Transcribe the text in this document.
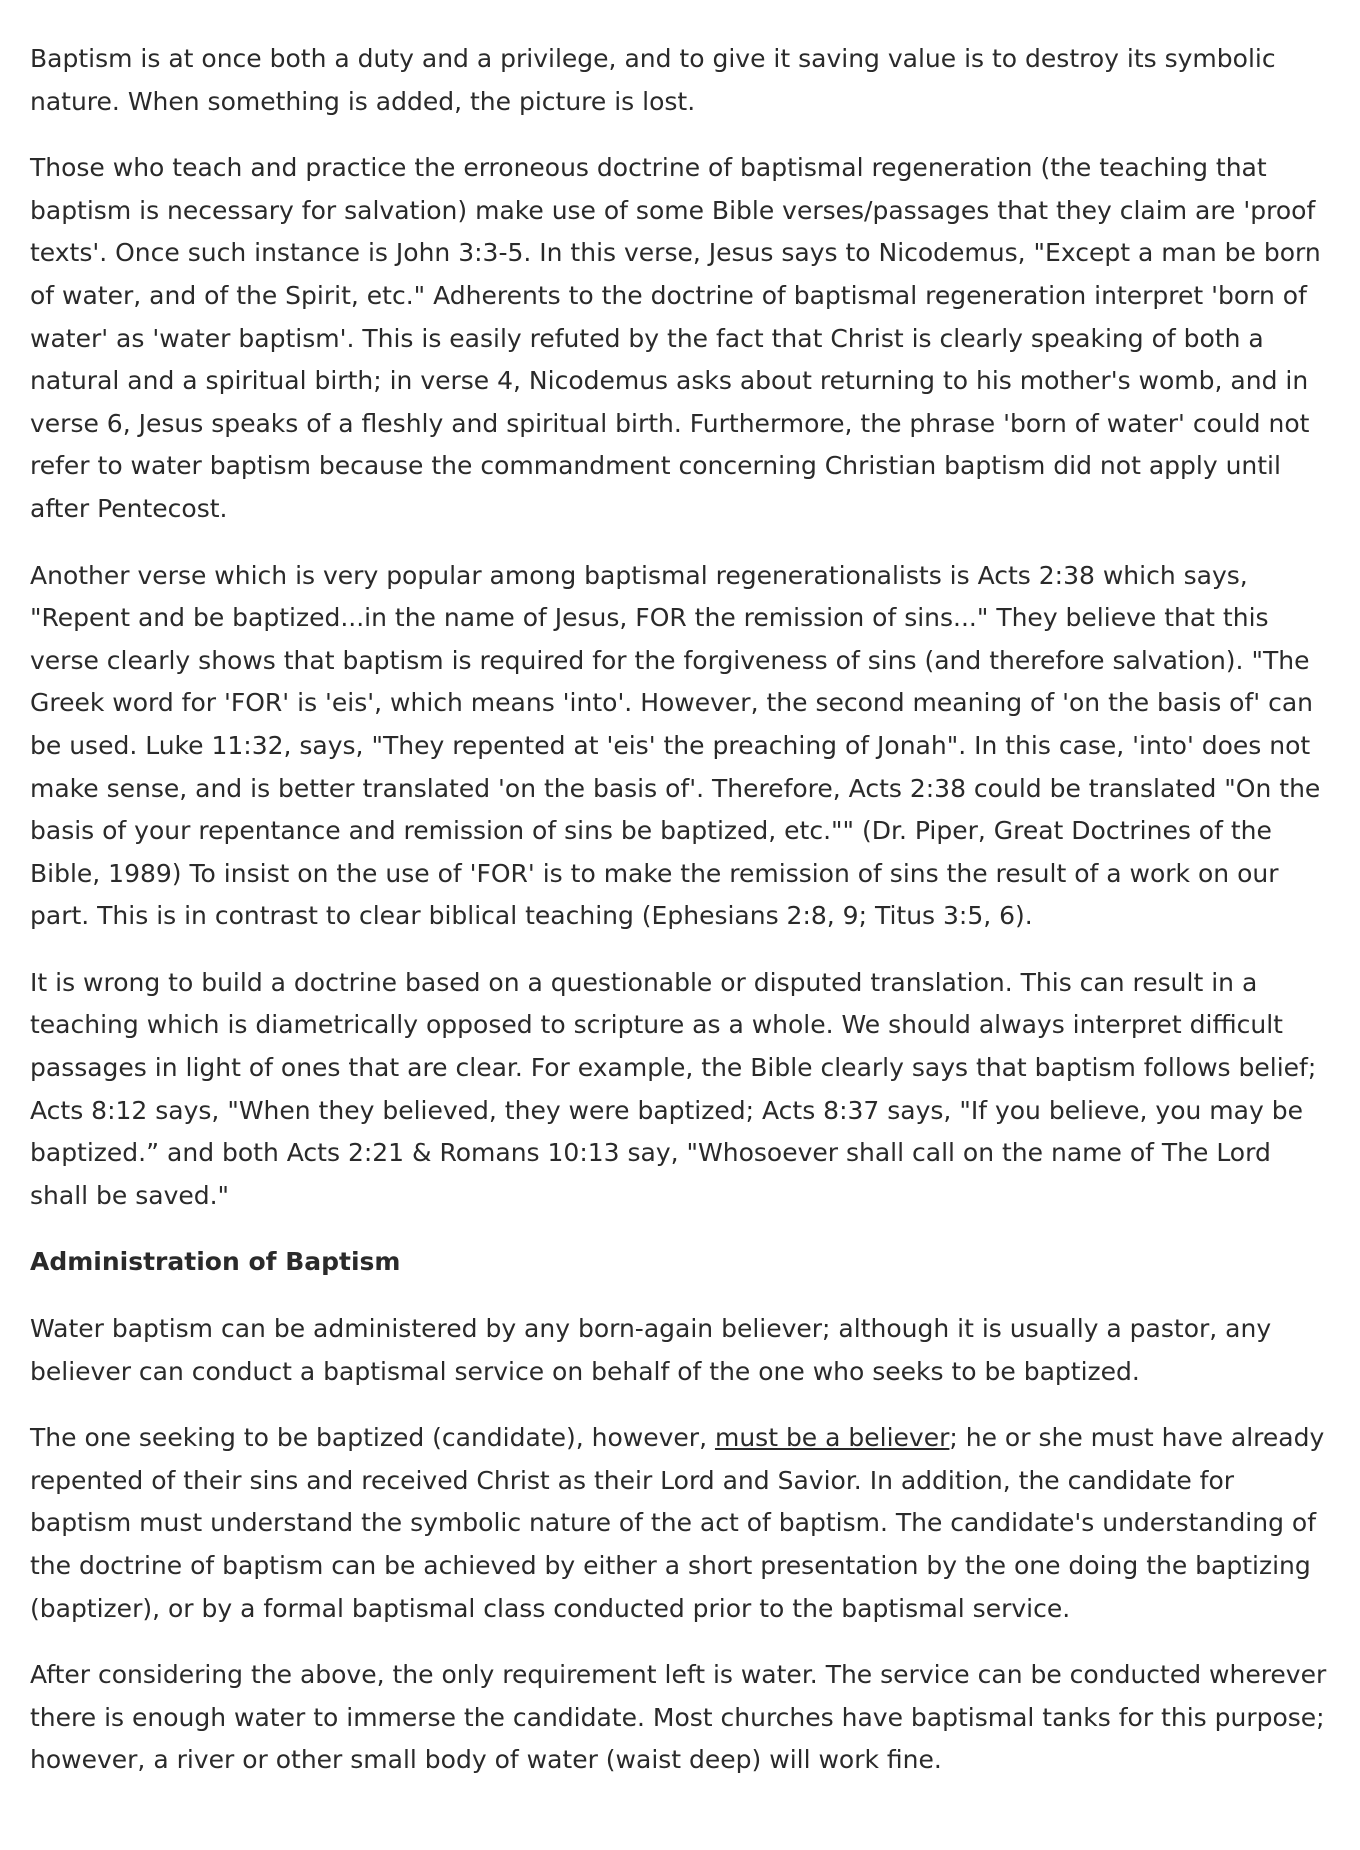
Baptism is at once both a duty and a privilege, and to give it saving value is to destroy its symbolic nature. When something is added, the picture is lost.

Those who teach and practice the erroneous doctrine of baptismal regeneration (the teaching that baptism is necessary for salvation) make use of some Bible verses/passages that they claim are 'proof texts'. Once such instance is John 3:3-5. In this verse, Jesus says to Nicodemus, "Except a man be born of water, and of the Spirit, etc." Adherents to the doctrine of baptismal regeneration interpret 'born of water' as 'water baptism'. This is easily refuted by the fact that Christ is clearly speaking of both a natural and a spiritual birth; in verse 4, Nicodemus asks about returning to his mother's womb, and in verse 6, Jesus speaks of a fleshly and spiritual birth. Furthermore, the phrase 'born of water' could not refer to water baptism because the commandment concerning Christian baptism did not apply until after Pentecost.

Another verse which is very popular among baptismal regenerationalists is Acts 2:38 which says, "Repent and be baptized...in the name of Jesus, FOR the remission of sins..." They believe that this verse clearly shows that baptism is required for the forgiveness of sins (and therefore salvation). "The Greek word for 'FOR' is 'eis', which means 'into'. However, the second meaning of 'on the basis of' can be used. Luke 11:32, says, "They repented at 'eis' the preaching of Jonah". In this case, 'into' does not make sense, and is better translated 'on the basis of'. Therefore, Acts 2:38 could be translated "On the basis of your repentance and remission of sins be baptized, etc."" (Dr. Piper, Great Doctrines of the Bible, 1989) To insist on the use of 'FOR' is to make the remission of sins the result of a work on our part. This is in contrast to clear biblical teaching (Ephesians 2:8, 9; Titus 3:5, 6).

It is wrong to build a doctrine based on a questionable or disputed translation. This can result in a teaching which is diametrically opposed to scripture as a whole. We should always interpret difficult passages in light of ones that are clear. For example, the Bible clearly says that baptism follows belief; Acts 8:12 says, "When they believed, they were baptized; Acts 8:37 says, "If you believe, you may be baptized.” and both Acts 2:21 & Romans 10:13 say, "Whosoever shall call on the name of The Lord shall be saved."

Administration of Baptism

Water baptism can be administered by any born-again believer; although it is usually a pastor, any believer can conduct a baptismal service on behalf of the one who seeks to be baptized.

The one seeking to be baptized (candidate), however, must be a believer; he or she must have already repented of their sins and received Christ as their Lord and Savior. In addition, the candidate for baptism must understand the symbolic nature of the act of baptism. The candidate's understanding of the doctrine of baptism can be achieved by either a short presentation by the one doing the baptizing (baptizer), or by a formal baptismal class conducted prior to the baptismal service.

After considering the above, the only requirement left is water. The service can be conducted wherever there is enough water to immerse the candidate. Most churches have baptismal tanks for this purpose; however, a river or other small body of water (waist deep) will work fine.
